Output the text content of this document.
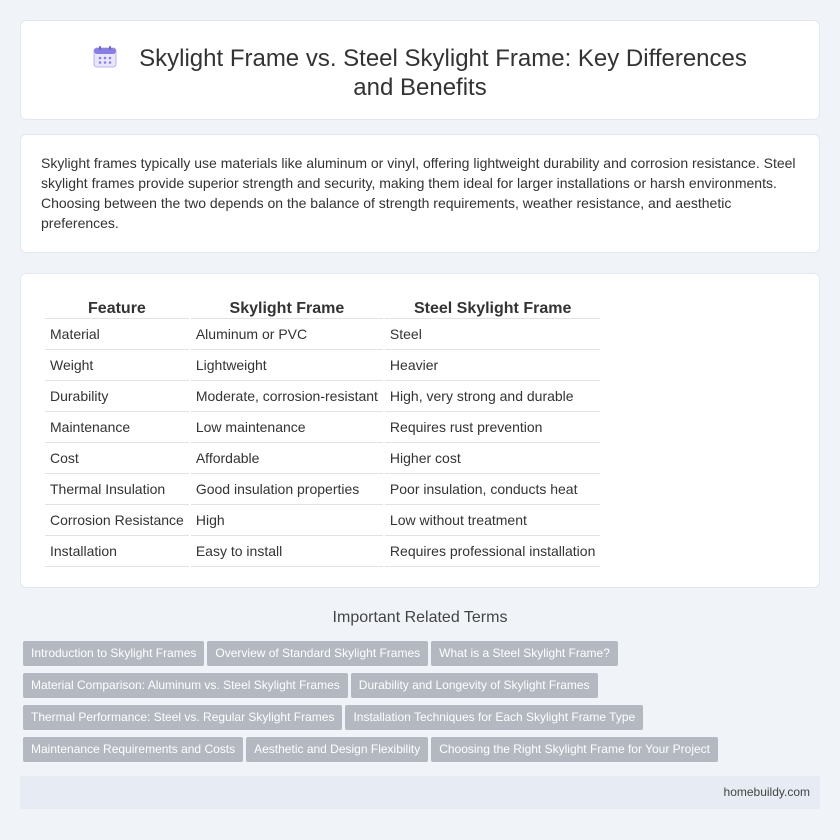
Skylight Frame vs. Steel Skylight Frame: Key Differences and Benefits

Skylight frames typically use materials like aluminum or vinyl, offering lightweight durability and corrosion resistance. Steel skylight frames provide superior strength and security, making them ideal for larger installations or harsh environments. Choosing between the two depends on the balance of strength requirements, weather resistance, and aesthetic preferences.

Feature	Skylight Frame	Steel Skylight Frame
Material	Aluminum or PVC	Steel
Weight	Lightweight	Heavier
Durability	Moderate, corrosion-resistant	High, very strong and durable
Maintenance	Low maintenance	Requires rust prevention
Cost	Affordable	Higher cost
Thermal Insulation	Good insulation properties	Poor insulation, conducts heat
Corrosion Resistance	High	Low without treatment
Installation	Easy to install	Requires professional installation
Important Related Terms
Introduction to Skylight Frames Overview of Standard Skylight Frames What is a Steel Skylight Frame?
Material Comparison: Aluminum vs. Steel Skylight Frames Durability and Longevity of Skylight Frames
Thermal Performance: Steel vs. Regular Skylight Frames Installation Techniques for Each Skylight Frame Type
Maintenance Requirements and Costs Aesthetic and Design Flexibility Choosing the Right Skylight Frame for Your Project
homebuildy.com
